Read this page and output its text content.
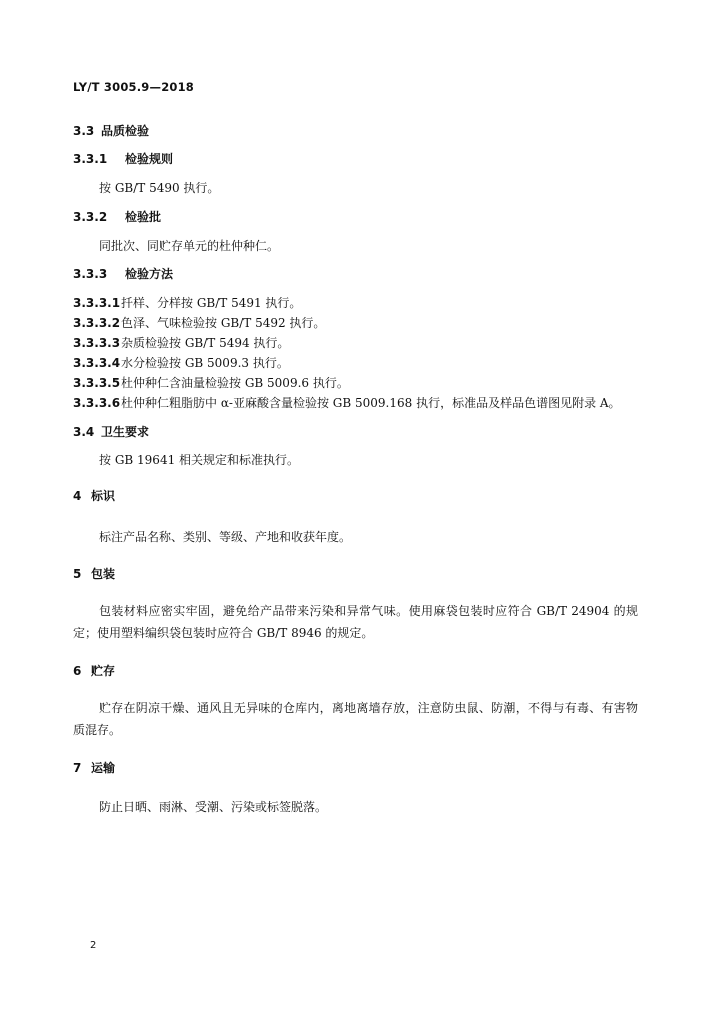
LY/T 3005.9—2018
3.3 品质检验
3.3.1 检验规则
按 GB/T 5490 执行。
3.3.2 检验批
同批次、同贮存单元的杜仲种仁。
3.3.3 检验方法
3.3.3.1扦样、分样按 GB/T 5491 执行。
3.3.3.2色泽、气味检验按 GB/T 5492 执行。
3.3.3.3杂质检验按 GB/T 5494 执行。
3.3.3.4水分检验按 GB 5009.3 执行。
3.3.3.5杜仲种仁含油量检验按 GB 5009.6 执行。
3.3.3.6杜仲种仁粗脂肪中 α-亚麻酸含量检验按 GB 5009.168 执行，标准品及样品色谱图见附录 A。
3.4 卫生要求
按 GB 19641 相关规定和标准执行。
4 标识
标注产品名称、类别、等级、产地和收获年度。
5 包装
包装材料应密实牢固，避免给产品带来污染和异常气味。使用麻袋包装时应符合 GB/T 24904 的规定；使用塑料编织袋包装时应符合 GB/T 8946 的规定。
6 贮存
贮存在阴凉干燥、通风且无异味的仓库内，离地离墙存放，注意防虫鼠、防潮，不得与有毒、有害物质混存。
7 运输
防止日晒、雨淋、受潮、污染或标签脱落。
2
